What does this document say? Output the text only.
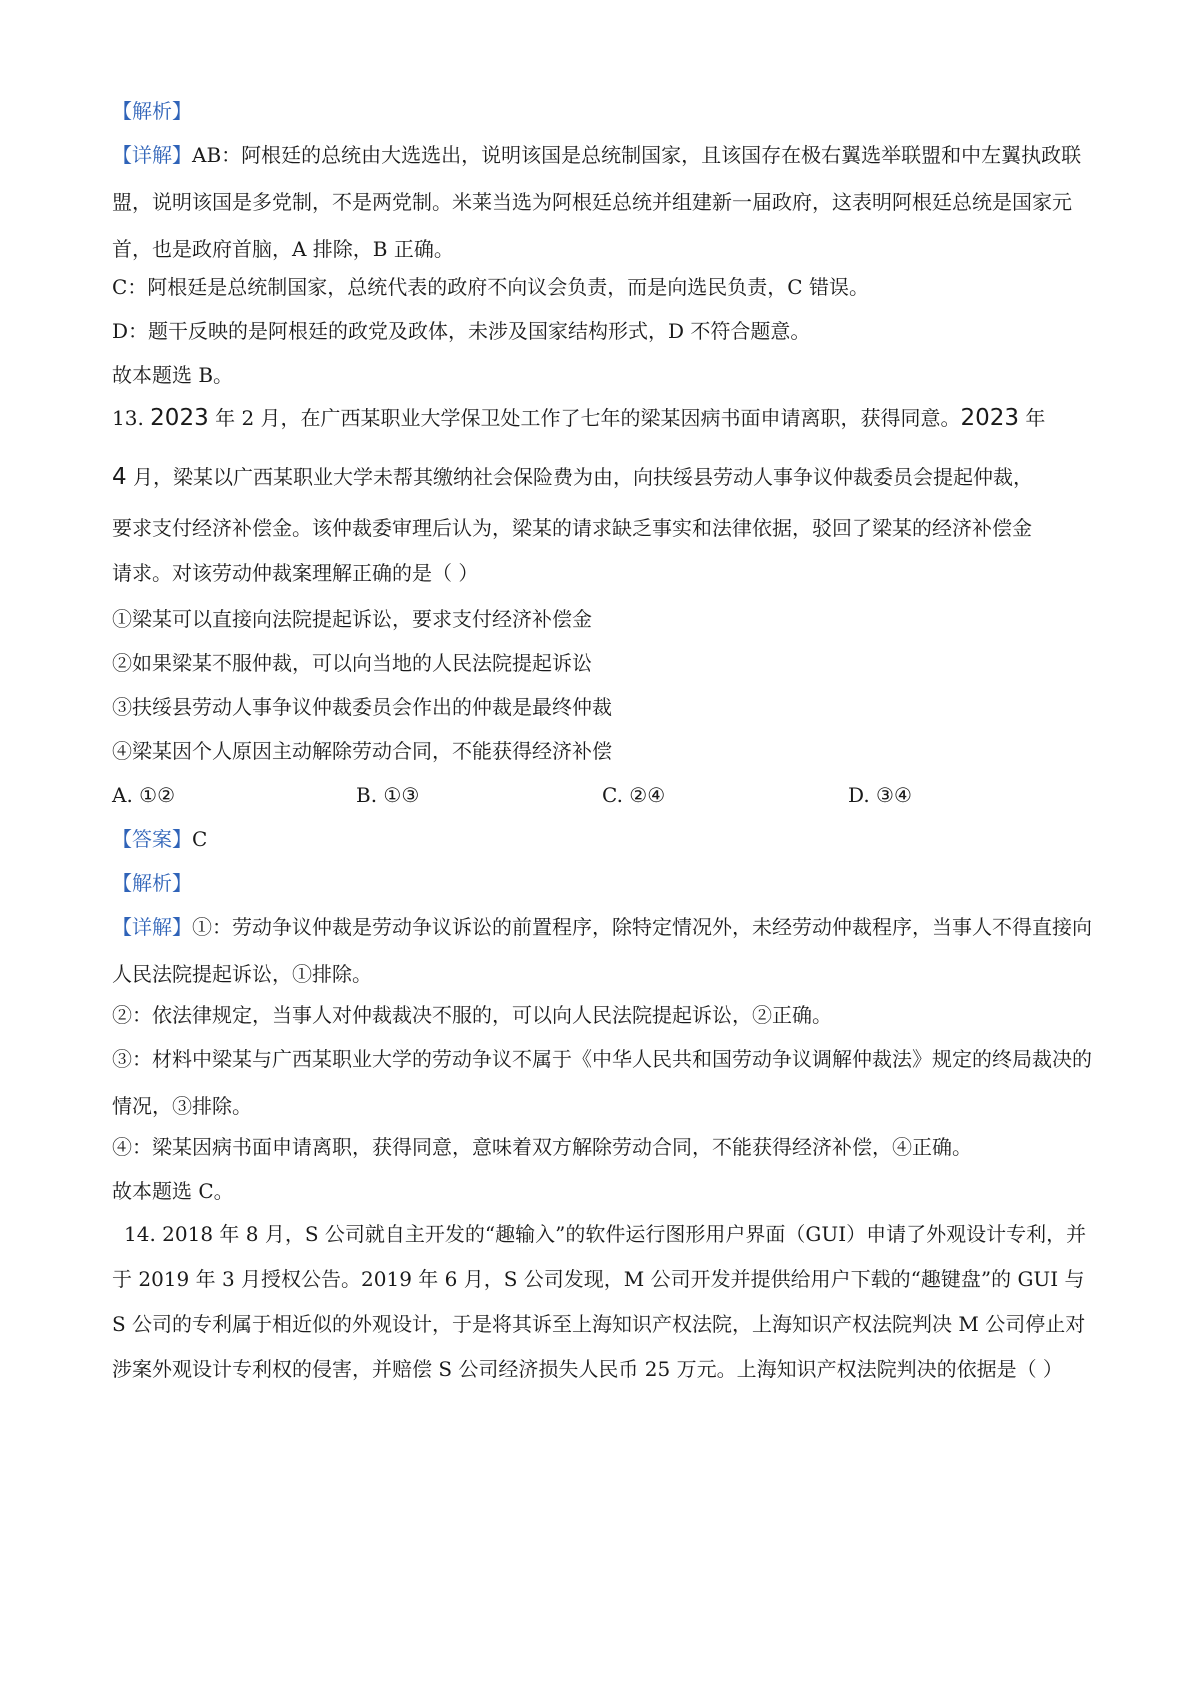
【解析】

【详解】AB：阿根廷的总统由大选选出，说明该国是总统制国家，且该国存在极右翼选举联盟和中左翼执政联盟，说明该国是多党制，不是两党制。米莱当选为阿根廷总统并组建新一届政府，这表明阿根廷总统是国家元首，也是政府首脑，A 排除，B 正确。

C：阿根廷是总统制国家，总统代表的政府不向议会负责，而是向选民负责，C 错误。

D：题干反映的是阿根廷的政党及政体，未涉及国家结构形式，D 不符合题意。

故本题选 B。

13. 2023 年 2 月，在广西某职业大学保卫处工作了七年的梁某因病书面申请离职，获得同意。2023 年

4 月，梁某以广西某职业大学未帮其缴纳社会保险费为由，向扶绥县劳动人事争议仲裁委员会提起仲裁，

要求支付经济补偿金。该仲裁委审理后认为，梁某的请求缺乏事实和法律依据，驳回了梁某的经济补偿金

请求。对该劳动仲裁案理解正确的是（ ）

①梁某可以直接向法院提起诉讼，要求支付经济补偿金

②如果梁某不服仲裁，可以向当地的人民法院提起诉讼

③扶绥县劳动人事争议仲裁委员会作出的仲裁是最终仲裁

④梁某因个人原因主动解除劳动合同，不能获得经济补偿

A. ①②	B. ①③	C. ②④	D. ③④

【答案】C

【解析】

【详解】①：劳动争议仲裁是劳动争议诉讼的前置程序，除特定情况外，未经劳动仲裁程序，当事人不得直接向人民法院提起诉讼，①排除。

②：依法律规定，当事人对仲裁裁决不服的，可以向人民法院提起诉讼，②正确。

③：材料中梁某与广西某职业大学的劳动争议不属于《中华人民共和国劳动争议调解仲裁法》规定的终局裁决的情况，③排除。

④：梁某因病书面申请离职，获得同意，意味着双方解除劳动合同，不能获得经济补偿，④正确。

故本题选 C。

14. 2018 年 8 月，S 公司就自主开发的“趣输入”的软件运行图形用户界面（GUI）申请了外观设计专利，并于 2019 年 3 月授权公告。2019 年 6 月，S 公司发现，M 公司开发并提供给用户下载的“趣键盘”的 GUI 与 S 公司的专利属于相近似的外观设计，于是将其诉至上海知识产权法院，上海知识产权法院判决 M 公司停止对涉案外观设计专利权的侵害，并赔偿 S 公司经济损失人民币 25 万元。上海知识产权法院判决的依据是（ ）
